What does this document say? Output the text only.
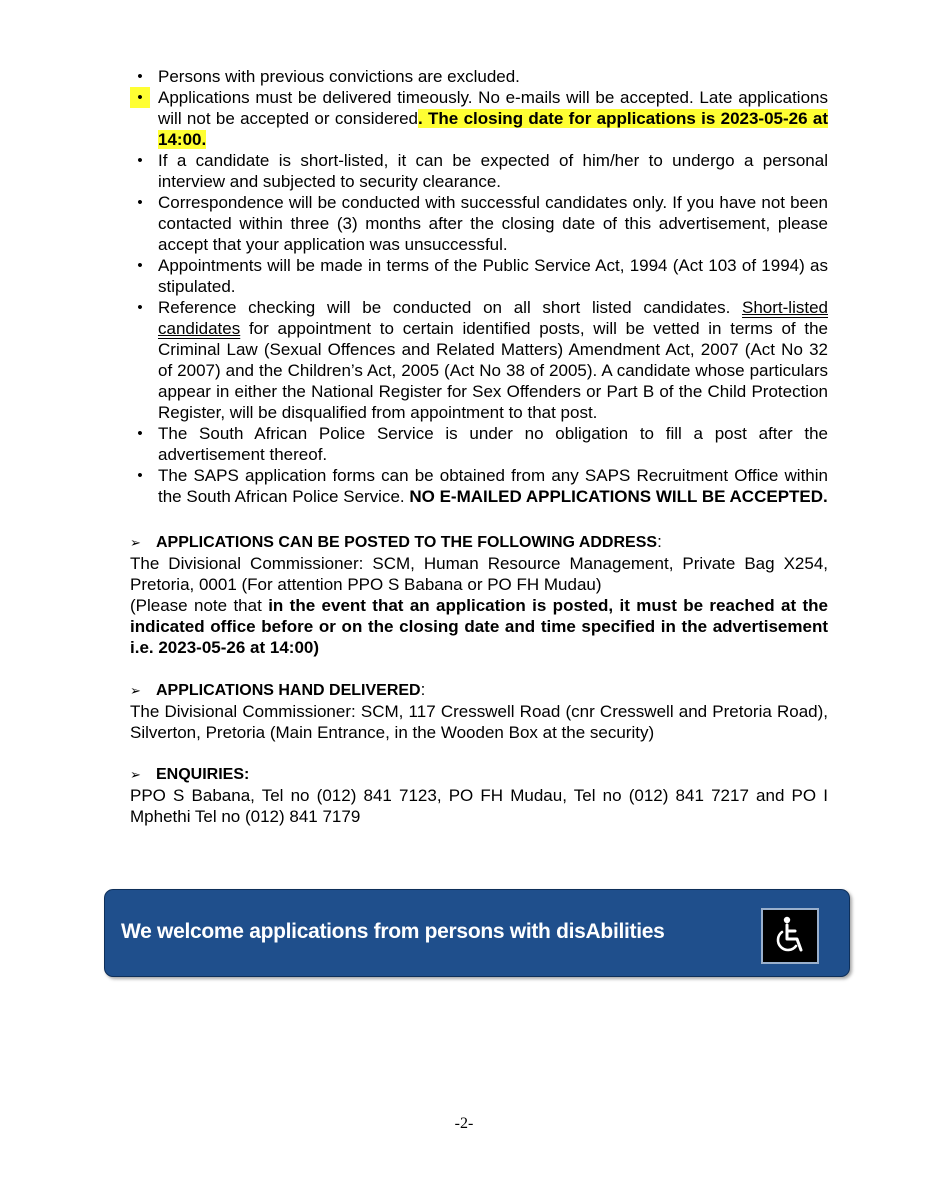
• Persons with previous convictions are excluded.
• Applications must be delivered timeously. No e-mails will be accepted. Late applications will not be accepted or considered. The closing date for applications is 2023-05-26 at 14:00.
• If a candidate is short-listed, it can be expected of him/her to undergo a personal interview and subjected to security clearance.
• Correspondence will be conducted with successful candidates only. If you have not been contacted within three (3) months after the closing date of this advertisement, please accept that your application was unsuccessful.
• Appointments will be made in terms of the Public Service Act, 1994 (Act 103 of 1994) as stipulated.
• Reference checking will be conducted on all short listed candidates. Short-listed candidates for appointment to certain identified posts, will be vetted in terms of the Criminal Law (Sexual Offences and Related Matters) Amendment Act, 2007 (Act No 32 of 2007) and the Children’s Act, 2005 (Act No 38 of 2005). A candidate whose particulars appear in either the National Register for Sex Offenders or Part B of the Child Protection Register, will be disqualified from appointment to that post.
• The South African Police Service is under no obligation to fill a post after the advertisement thereof.
• The SAPS application forms can be obtained from any SAPS Recruitment Office within the South African Police Service. NO E-MAILED APPLICATIONS WILL BE ACCEPTED.
➢ APPLICATIONS CAN BE POSTED TO THE FOLLOWING ADDRESS :
The Divisional Commissioner: SCM, Human Resource Management, Private Bag X254, Pretoria, 0001 (For attention PPO S Babana or PO FH Mudau)
(Please note that in the event that an application is posted, it must be reached at the indicated office before or on the closing date and time specified in the advertisement i.e. 2023-05-26 at 14:00)
➢ APPLICATIONS HAND DELIVERED :
The Divisional Commissioner: SCM, 117 Cresswell Road (cnr Cresswell and Pretoria Road), Silverton, Pretoria (Main Entrance, in the Wooden Box at the security)
➢ ENQUIRIES:
PPO S Babana, Tel no (012) 841 7123, PO FH Mudau, Tel no (012) 841 7217 and PO I Mphethi Tel no (012) 841 7179
We welcome applications from persons with disAbilities
-2-
